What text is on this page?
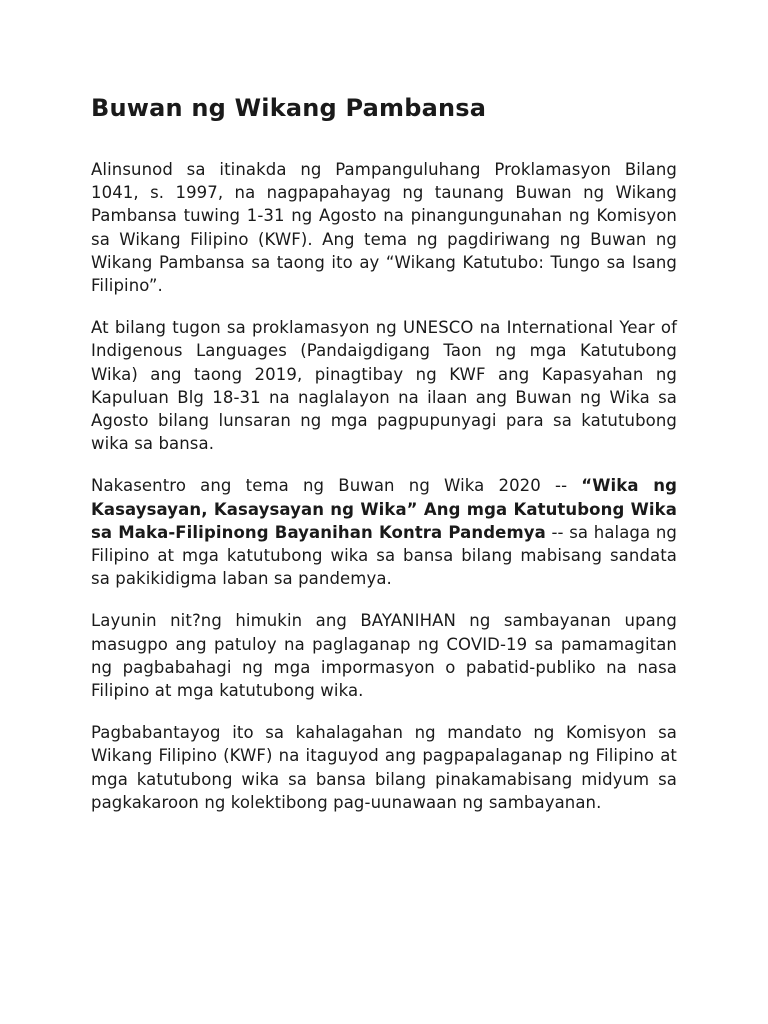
Buwan ng Wikang Pambansa

Alinsunod sa itinakda ng Pampanguluhang Proklamasyon Bilang 1041, s. 1997, na nagpapahayag ng taunang Buwan ng Wikang Pambansa tuwing 1-31 ng Agosto na pinangungunahan ng Komisyon sa Wikang Filipino (KWF). Ang tema ng pagdiriwang ng Buwan ng Wikang Pambansa sa taong ito ay “Wikang Katutubo: Tungo sa Isang Filipino”.

At bilang tugon sa proklamasyon ng UNESCO na International Year of Indigenous Languages (Pandaigdigang Taon ng mga Katutubong Wika) ang taong 2019, pinagtibay ng KWF ang Kapasyahan ng Kapuluan Blg 18-31 na naglalayon na ilaan ang Buwan ng Wika sa Agosto bilang lunsaran ng mga pagpupunyagi para sa katutubong wika sa bansa.

Nakasentro ang tema ng Buwan ng Wika 2020 -- “Wika ng Kasaysayan, Kasaysayan ng Wika” Ang mga Katutubong Wika sa Maka-Filipinong Bayanihan Kontra Pandemya -- sa halaga ng Filipino at mga katutubong wika sa bansa bilang mabisang sandata sa pakikidigma laban sa pandemya.

Layunin nit?ng himukin ang BAYANIHAN ng sambayanan upang masugpo ang patuloy na paglaganap ng COVID-19 sa pamamagitan ng pagbabahagi ng mga impormasyon o pabatid-publiko na nasa Filipino at mga katutubong wika.

Pagbabantayog ito sa kahalagahan ng mandato ng Komisyon sa Wikang Filipino (KWF) na itaguyod ang pagpapalaganap ng Filipino at mga katutubong wika sa bansa bilang pinakamabisang midyum sa pagkakaroon ng kolektibong pag-uunawaan ng sambayanan.
